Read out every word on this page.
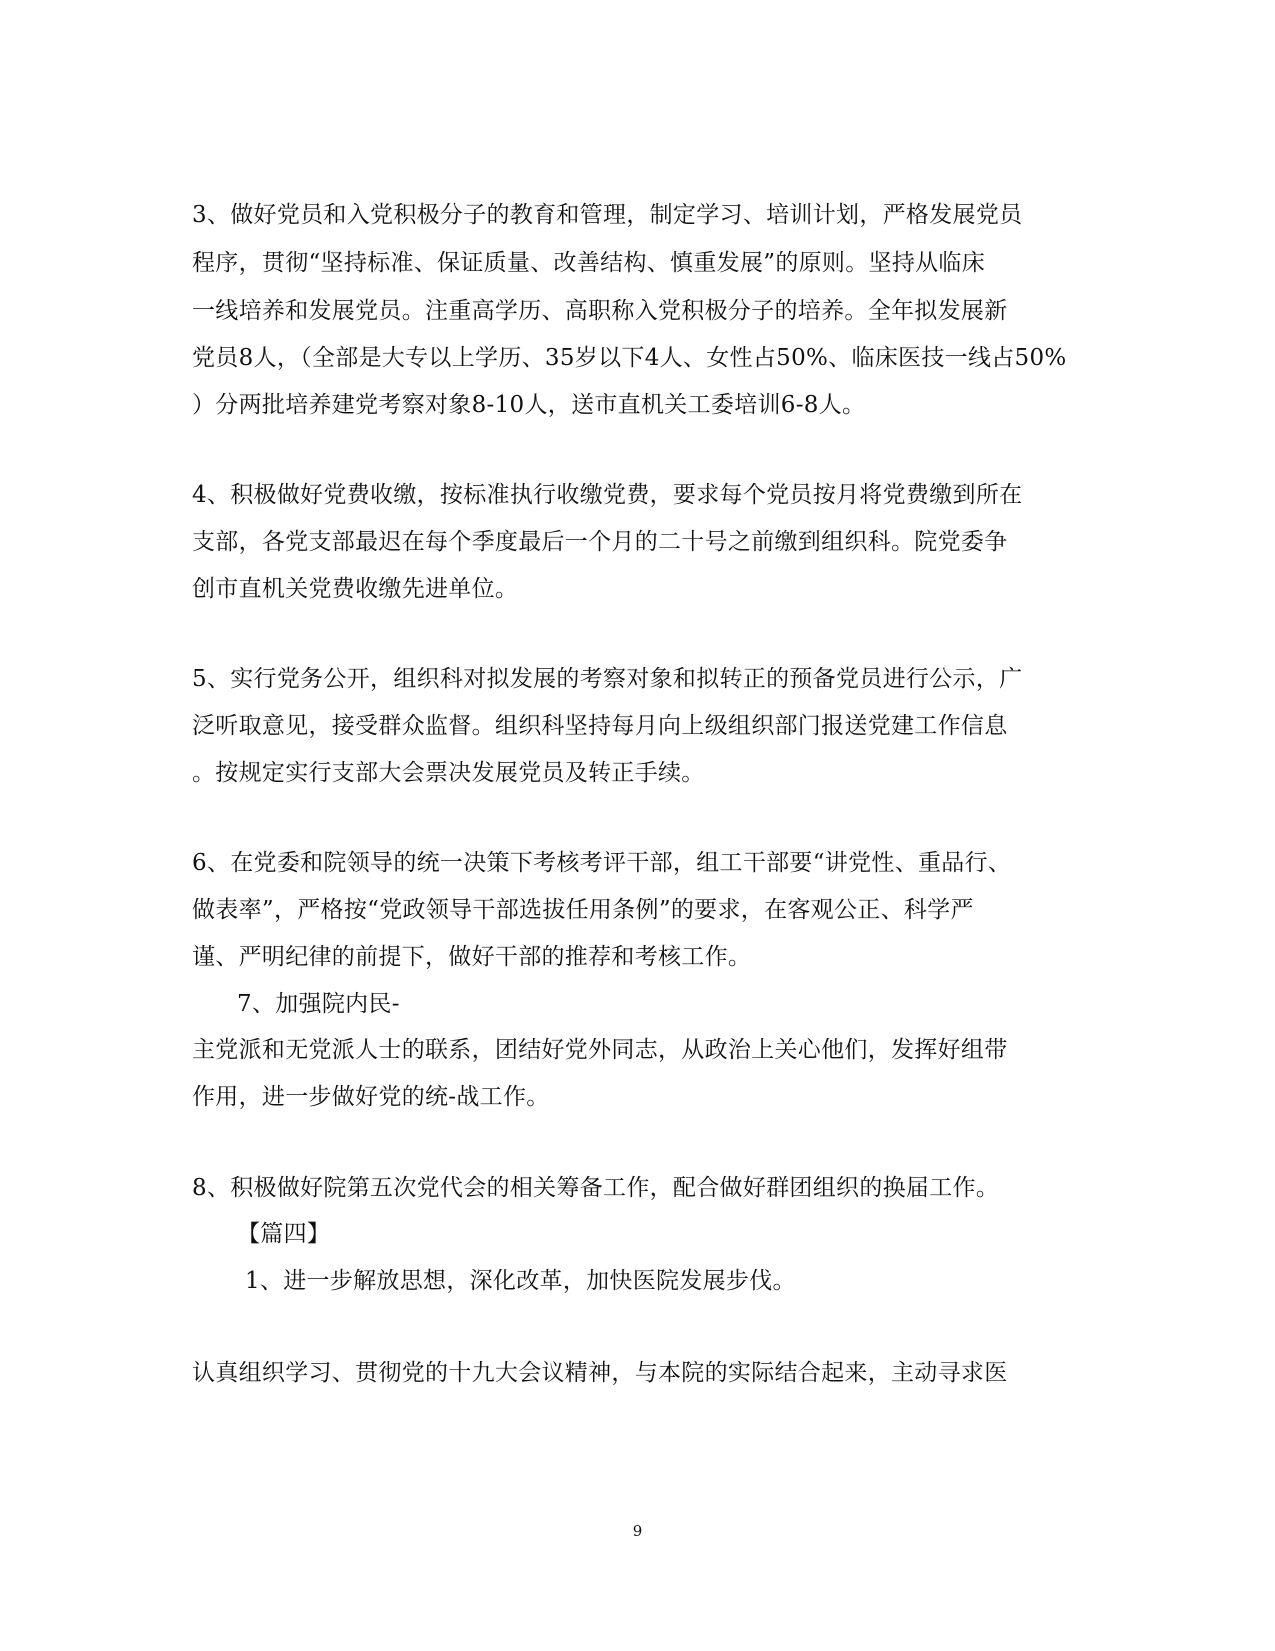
3、做好党员和入党积极分子的教育和管理，制定学习、培训计划，严格发展党员
程序，贯彻“坚持标准、保证质量、改善结构、慎重发展”的原则。坚持从临床
一线培养和发展党员。注重高学历、高职称入党积极分子的培养。全年拟发展新
党员8人，（全部是大专以上学历、35岁以下4人、女性占50%、临床医技一线占50%
）分两批培养建党考察对象8-10人，送市直机关工委培训6-8人。
4、积极做好党费收缴，按标准执行收缴党费，要求每个党员按月将党费缴到所在
支部，各党支部最迟在每个季度最后一个月的二十号之前缴到组织科。院党委争
创市直机关党费收缴先进单位。
5、实行党务公开，组织科对拟发展的考察对象和拟转正的预备党员进行公示，广
泛听取意见，接受群众监督。组织科坚持每月向上级组织部门报送党建工作信息
。按规定实行支部大会票决发展党员及转正手续。
6、在党委和院领导的统一决策下考核考评干部，组工干部要“讲党性、重品行、
做表率”，严格按“党政领导干部选拔任用条例”的要求，在客观公正、科学严
谨、严明纪律的前提下，做好干部的推荐和考核工作。
7、加强院内民-
主党派和无党派人士的联系，团结好党外同志，从政治上关心他们，发挥好组带
作用，进一步做好党的统-战工作。
8、积极做好院第五次党代会的相关筹备工作，配合做好群团组织的换届工作。
【篇四】
1、进一步解放思想，深化改革，加快医院发展步伐。
认真组织学习、贯彻党的十九大会议精神，与本院的实际结合起来，主动寻求医
9
